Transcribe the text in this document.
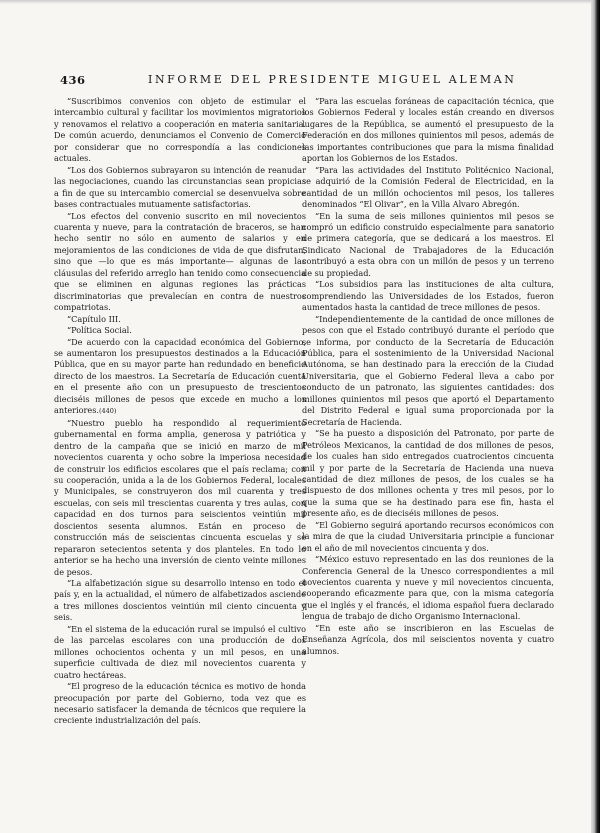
436	INFORME DEL PRESIDENTE MIGUEL ALEMAN

“Suscribimos convenios con objeto de estimular el intercambio cultural y facilitar los movimientos migratorios y renovamos el relativo a cooperación en materia sanitaria. De común acuerdo, denunciamos el Convenio de Comercio por considerar que no correspondía a las condiciones actuales.

“Los dos Gobiernos subrayaron su intención de reanudar las negociaciones, cuando las circunstancias sean propicias a fin de que su intercambio comercial se desenvuelva sobre bases contractuales mutuamente satisfactorias.

“Los efectos del convenio suscrito en mil novecientos cuarenta y nueve, para la contratación de braceros, se han hecho sentir no sólo en aumento de salarios y en mejoramientos de las condiciones de vida de que disfrutan, sino que —lo que es más importante— algunas de las cláusulas del referido arreglo han tenido como consecuencia que se eliminen en algunas regiones las prácticas discriminatorias que prevalecían en contra de nuestros compatriotas.

“Capítulo III.

“Política Social.

“De acuerdo con la capacidad económica del Gobierno, se aumentaron los presupuestos destinados a la Educación Pública, que en su mayor parte han redundado en beneficio directo de los maestros. La Secretaría de Educación cuenta en el presente año con un presupuesto de trescientos dieciséis millones de pesos que excede en mucho a los anteriores.(440)

“Nuestro pueblo ha respondido al requerimiento gubernamental en forma amplia, generosa y patriótica y dentro de la campaña que se inició en marzo de mil novecientos cuarenta y ocho sobre la imperiosa necesidad de construir los edificios escolares que el país reclama; con su cooperación, unida a la de los Gobiernos Federal, locales y Municipales, se construyeron dos mil cuarenta y tres escuelas, con seis mil trescientas cuarenta y tres aulas, con capacidad en dos turnos para seiscientos veintiún mil doscientos sesenta alumnos. Están en proceso de construcción más de seiscientas cincuenta escuelas y se repararon setecientos setenta y dos planteles. En todo lo anterior se ha hecho una inversión de ciento veinte millones de pesos.

“La alfabetización sigue su desarrollo intenso en todo el país y, en la actualidad, el número de alfabetizados asciende a tres millones doscientos veintiún mil ciento cincuenta y seis.

“En el sistema de la educación rural se impulsó el cultivo de las parcelas escolares con una producción de dos millones ochocientos ochenta y un mil pesos, en una superficie cultivada de diez mil novecientos cuarenta y cuatro hectáreas.

“El progreso de la educación técnica es motivo de honda preocupación por parte del Gobierno, toda vez que es necesario satisfacer la demanda de técnicos que requiere la creciente industrialización del país.

“Para las escuelas foráneas de capacitación técnica, que los Gobiernos Federal y locales están creando en diversos lugares de la República, se aumentó el presupuesto de la Federación en dos millones quinientos mil pesos, además de las importantes contribuciones que para la misma finalidad aportan los Gobiernos de los Estados.

“Para las actividades del Instituto Politécnico Nacional, se adquirió de la Comisión Federal de Electricidad, en la cantidad de un millón ochocientos mil pesos, los talleres denominados “El Olivar”, en la Villa Alvaro Abregón.

“En la suma de seis millones quinientos mil pesos se compró un edificio construido especialmente para sanatorio de primera categoría, que se dedicará a los maestros. El Sindicato Nacional de Trabajadores de la Educación contribuyó a esta obra con un millón de pesos y un terreno de su propiedad.

“Los subsidios para las instituciones de alta cultura, comprendiendo las Universidades de los Estados, fueron aumentados hasta la cantidad de trece millones de pesos.

“Independientemente de la cantidad de once millones de pesos con que el Estado contribuyó durante el período que se informa, por conducto de la Secretaría de Educación Pública, para el sostenimiento de la Universidad Nacional Autónoma, se han destinado para la erección de la Ciudad Universitaria, que el Gobierno Federal lleva a cabo por conducto de un patronato, las siguientes cantidades: dos millones quinientos mil pesos que aportó el Departamento del Distrito Federal e igual suma proporcionada por la Secretaría de Hacienda.

“Se ha puesto a disposición del Patronato, por parte de Petróleos Mexicanos, la cantidad de dos millones de pesos, de los cuales han sido entregados cuatrocientos cincuenta mil y por parte de la Secretaría de Hacienda una nueva cantidad de diez millones de pesos, de los cuales se ha dispuesto de dos millones ochenta y tres mil pesos, por lo que la suma que se ha destinado para ese fin, hasta el presente año, es de dieciséis millones de pesos.

“El Gobierno seguirá aportando recursos económicos con la mira de que la ciudad Universitaria principie a funcionar en el año de mil novecientos cincuenta y dos.

“México estuvo representado en las dos reuniones de la Conferencia General de la Unesco correspondientes a mil novecientos cuarenta y nueve y mil novecientos cincuenta, cooperando eficazmente para que, con la misma categoría que el inglés y el francés, el idioma español fuera declarado lengua de trabajo de dicho Organismo Internacional.

“En este año se inscribieron en las Escuelas de Enseñanza Agrícola, dos mil seiscientos noventa y cuatro alumnos.
